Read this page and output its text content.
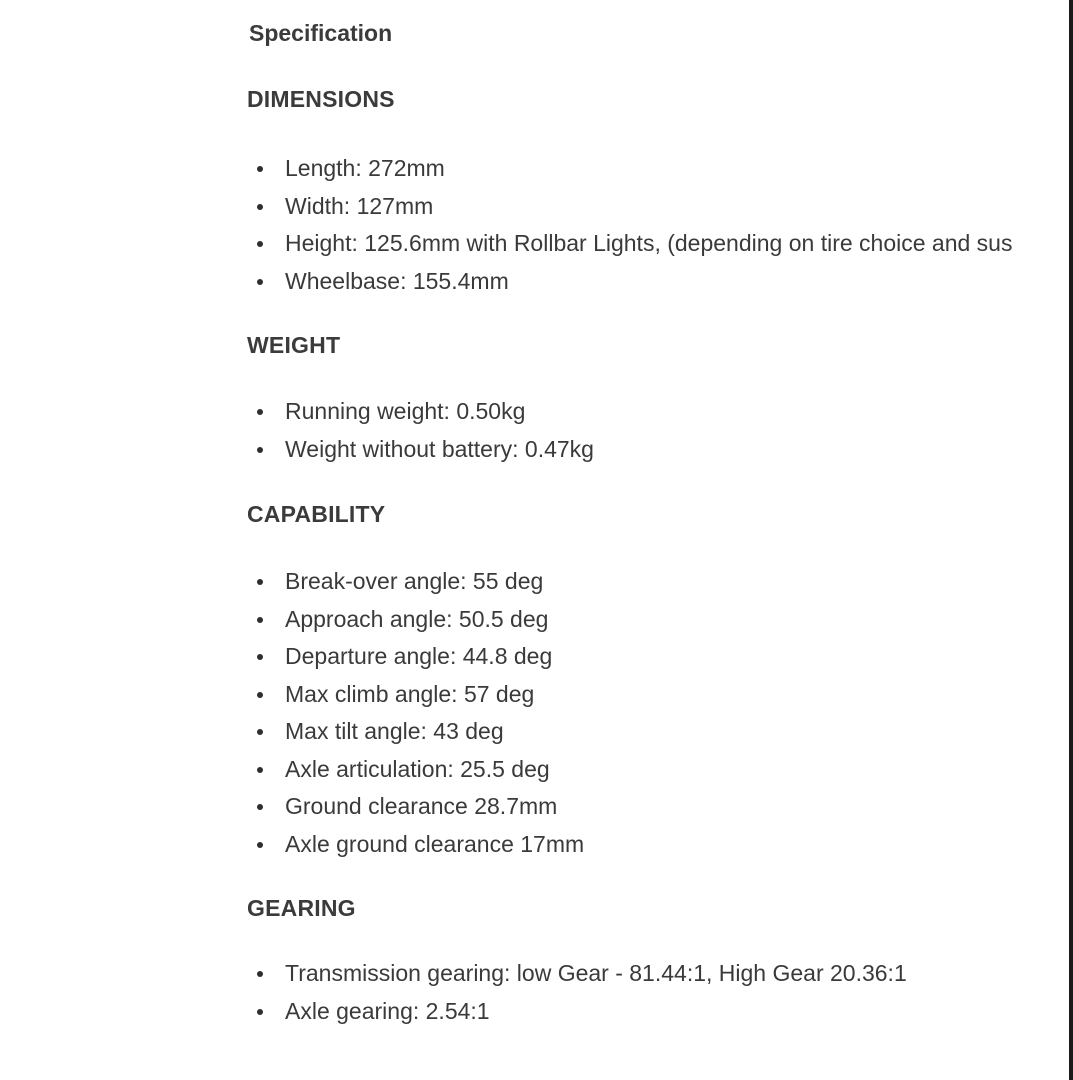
Specification
DIMENSIONS
Length: 272mm
Width: 127mm
Height: 125.6mm with Rollbar Lights, (depending on tire choice and sus
Wheelbase: 155.4mm
WEIGHT
Running weight: 0.50kg
Weight without battery: 0.47kg
CAPABILITY
Break-over angle: 55 deg
Approach angle: 50.5 deg
Departure angle: 44.8 deg
Max climb angle: 57 deg
Max tilt angle: 43 deg
Axle articulation: 25.5 deg
Ground clearance 28.7mm
Axle ground clearance 17mm
GEARING
Transmission gearing: low Gear - 81.44:1, High Gear 20.36:1
Axle gearing: 2.54:1
